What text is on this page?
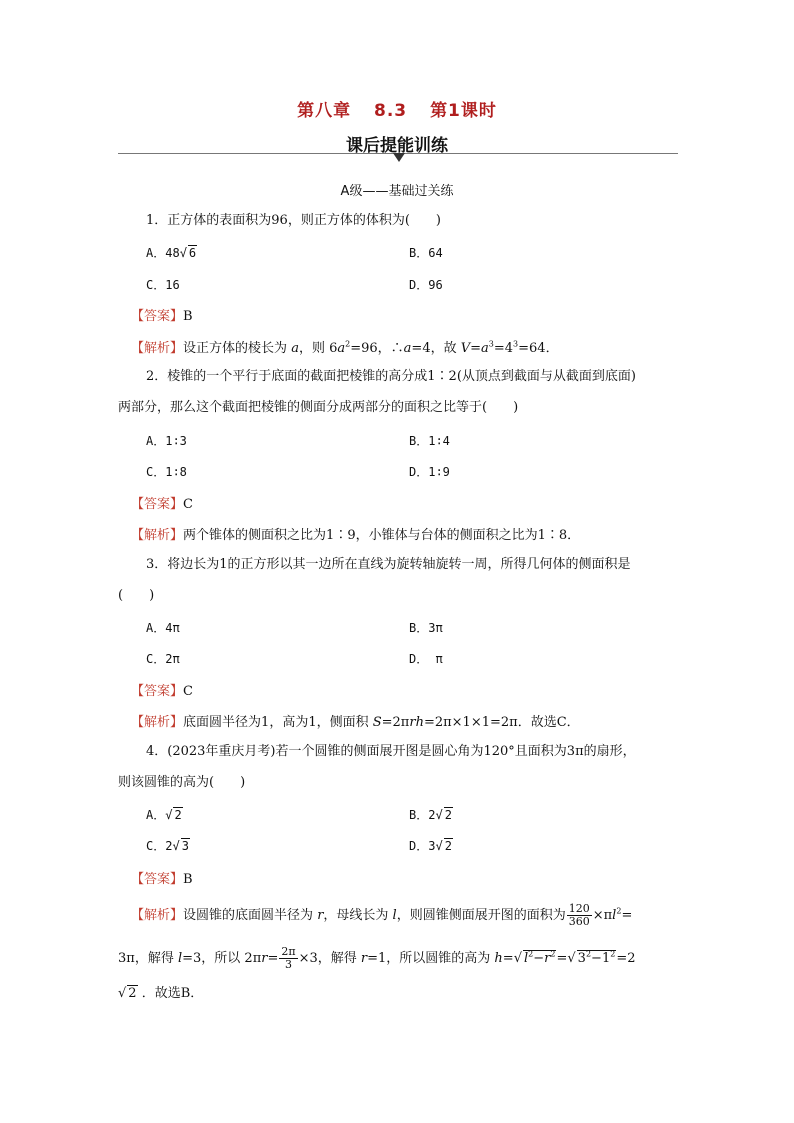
第八章 8.3 第1课时
课后提能训练
A级——基础过关练
1．正方体的表面积为96，则正方体的体积为(　　)
A．48√ 6	B．64
C．16	D．96
【答案】B
【解析】设正方体的棱长为 a，则 $6a^2=96$，∴a=4，故 $V=a^3=4^3=64$．
2．棱锥的一个平行于底面的截面把棱锥的高分成1∶2(从顶点到截面与从截面到底面)
两部分，那么这个截面把棱锥的侧面分成两部分的面积之比等于(　　)
A．1∶3	B．1∶4
C．1∶8	D．1∶9
【答案】C
【解析】两个锥体的侧面积之比为1∶9，小锥体与台体的侧面积之比为1∶8．
3．将边长为1的正方形以其一边所在直线为旋转轴旋转一周，所得几何体的侧面积是
(　　)
A．4π	B．3π
C．2π	D． π
【答案】C
【解析】底面圆半径为1，高为1，侧面积 S=2πrh=2π×1×1=2π．故选C．
4．(2023年重庆月考)若一个圆锥的侧面展开图是圆心角为120°且面积为3π的扇形，
则该圆锥的高为(　　)
A．√ 2	B．2√ 2
C．2√ 3	D．3√ 2
【答案】B
【解析】设圆锥的底面圆半径为 r，母线长为 l，则圆锥侧面展开图的面积为 $\frac{120}{360} \times\pi l^2=$
3π，解得 l=3，所以 $2\pi r= \frac{2\pi}{3} \times 3$，解得 r=1，所以圆锥的高为 h=√ $l^2-r^2=√$ $3^2-1^2=2$
√ 2 ．故选B．
